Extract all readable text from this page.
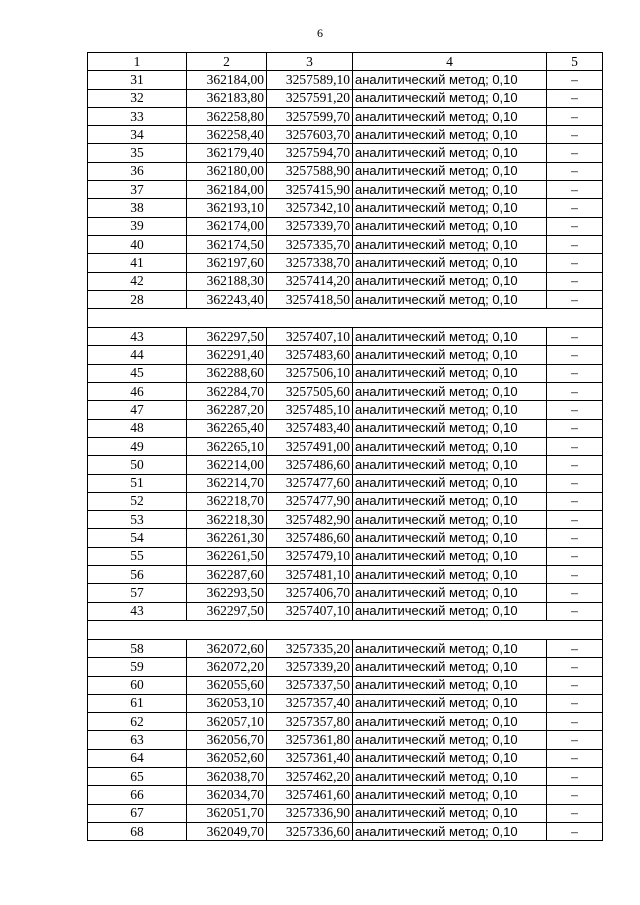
6
1	2	3	4	5
31	362184,00	3257589,10	аналитический метод; 0,10	–
32	362183,80	3257591,20	аналитический метод; 0,10	–
33	362258,80	3257599,70	аналитический метод; 0,10	–
34	362258,40	3257603,70	аналитический метод; 0,10	–
35	362179,40	3257594,70	аналитический метод; 0,10	–
36	362180,00	3257588,90	аналитический метод; 0,10	–
37	362184,00	3257415,90	аналитический метод; 0,10	–
38	362193,10	3257342,10	аналитический метод; 0,10	–
39	362174,00	3257339,70	аналитический метод; 0,10	–
40	362174,50	3257335,70	аналитический метод; 0,10	–
41	362197,60	3257338,70	аналитический метод; 0,10	–
42	362188,30	3257414,20	аналитический метод; 0,10	–
28	362243,40	3257418,50	аналитический метод; 0,10	–

43	362297,50	3257407,10	аналитический метод; 0,10	–
44	362291,40	3257483,60	аналитический метод; 0,10	–
45	362288,60	3257506,10	аналитический метод; 0,10	–
46	362284,70	3257505,60	аналитический метод; 0,10	–
47	362287,20	3257485,10	аналитический метод; 0,10	–
48	362265,40	3257483,40	аналитический метод; 0,10	–
49	362265,10	3257491,00	аналитический метод; 0,10	–
50	362214,00	3257486,60	аналитический метод; 0,10	–
51	362214,70	3257477,60	аналитический метод; 0,10	–
52	362218,70	3257477,90	аналитический метод; 0,10	–
53	362218,30	3257482,90	аналитический метод; 0,10	–
54	362261,30	3257486,60	аналитический метод; 0,10	–
55	362261,50	3257479,10	аналитический метод; 0,10	–
56	362287,60	3257481,10	аналитический метод; 0,10	–
57	362293,50	3257406,70	аналитический метод; 0,10	–
43	362297,50	3257407,10	аналитический метод; 0,10	–

58	362072,60	3257335,20	аналитический метод; 0,10	–
59	362072,20	3257339,20	аналитический метод; 0,10	–
60	362055,60	3257337,50	аналитический метод; 0,10	–
61	362053,10	3257357,40	аналитический метод; 0,10	–
62	362057,10	3257357,80	аналитический метод; 0,10	–
63	362056,70	3257361,80	аналитический метод; 0,10	–
64	362052,60	3257361,40	аналитический метод; 0,10	–
65	362038,70	3257462,20	аналитический метод; 0,10	–
66	362034,70	3257461,60	аналитический метод; 0,10	–
67	362051,70	3257336,90	аналитический метод; 0,10	–
68	362049,70	3257336,60	аналитический метод; 0,10	–
